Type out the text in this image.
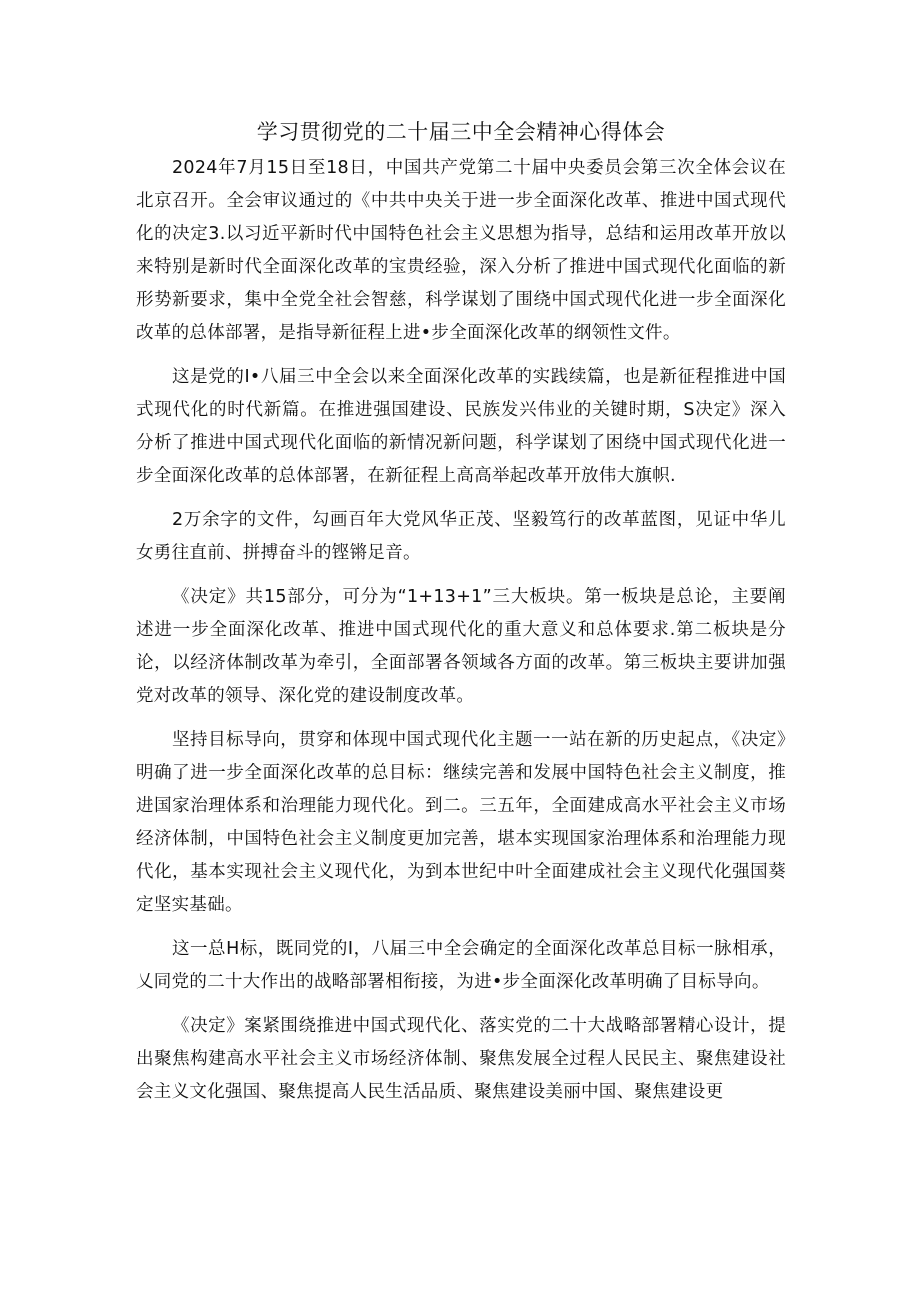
学习贯彻党的二十届三中全会精神心得体会

2024年7月15日至18日，中国共产党第二十届中央委员会第三次全体会议在北京召开。全会审议通过的《中共中央关于进一步全面深化改革、推进中国式现代化的决定3.以习近平新时代中国特色社会主义思想为指导，总结和运用改革开放以来特别是新时代全面深化改革的宝贵经验，深入分析了推进中国式现代化面临的新形势新要求，集中全党全社会智慈，科学谋划了围绕中国式现代化进一步全面深化改革的总体部署，是指导新征程上进•步全面深化改革的纲领性文件。

这是党的I•八届三中全会以来全面深化改革的实践续篇，也是新征程推进中国式现代化的时代新篇。在推进强国建设、民族发兴伟业的关键时期，S决定》深入分析了推进中国式现代化面临的新情况新问题，科学谋划了困绕中国式现代化进一步全面深化改革的总体部署，在新征程上高高举起改革开放伟大旗帜.

2万余字的文件，勾画百年大党风华正茂、坚毅笃行的改革蓝图，见证中华儿女勇往直前、拼搏奋斗的铿锵足音。

《决定》共15部分，可分为“1+13+1”三大板块。第一板块是总论，主要阐述进一步全面深化改革、推进中国式现代化的重大意义和总体要求.第二板块是分论，以经济体制改革为牵引，全面部署各领域各方面的改革。第三板块主要讲加强党对改革的领导、深化党的建设制度改革。

坚持目标导向，贯穿和体现中国式现代化主题一一站在新的历史起点，《决定》明确了进一步全面深化改革的总目标：继续完善和发展中国特色社会主义制度，推进国家治理体系和治理能力现代化。到二。三五年，全面建成高水平社会主义市场经济体制，中国特色社会主义制度更加完善，堪本实现国家治理体系和治理能力现代化，基本实现社会主义现代化，为到本世纪中叶全面建成社会主义现代化强国葵定坚实基础。

这一总H标，既同党的I，八届三中全会确定的全面深化改革总目标一脉相承，乂同党的二十大作出的战略部署相衔接，为进•步全面深化改革明确了目标导向。

《决定》案紧围绕推进中国式现代化、落实党的二十大战略部署精心设计，提出聚焦构建高水平社会主义市场经济体制、聚焦发展全过程人民民主、聚焦建设社会主义文化强国、聚焦提高人民生活品质、聚焦建设美丽中国、聚焦建设更
